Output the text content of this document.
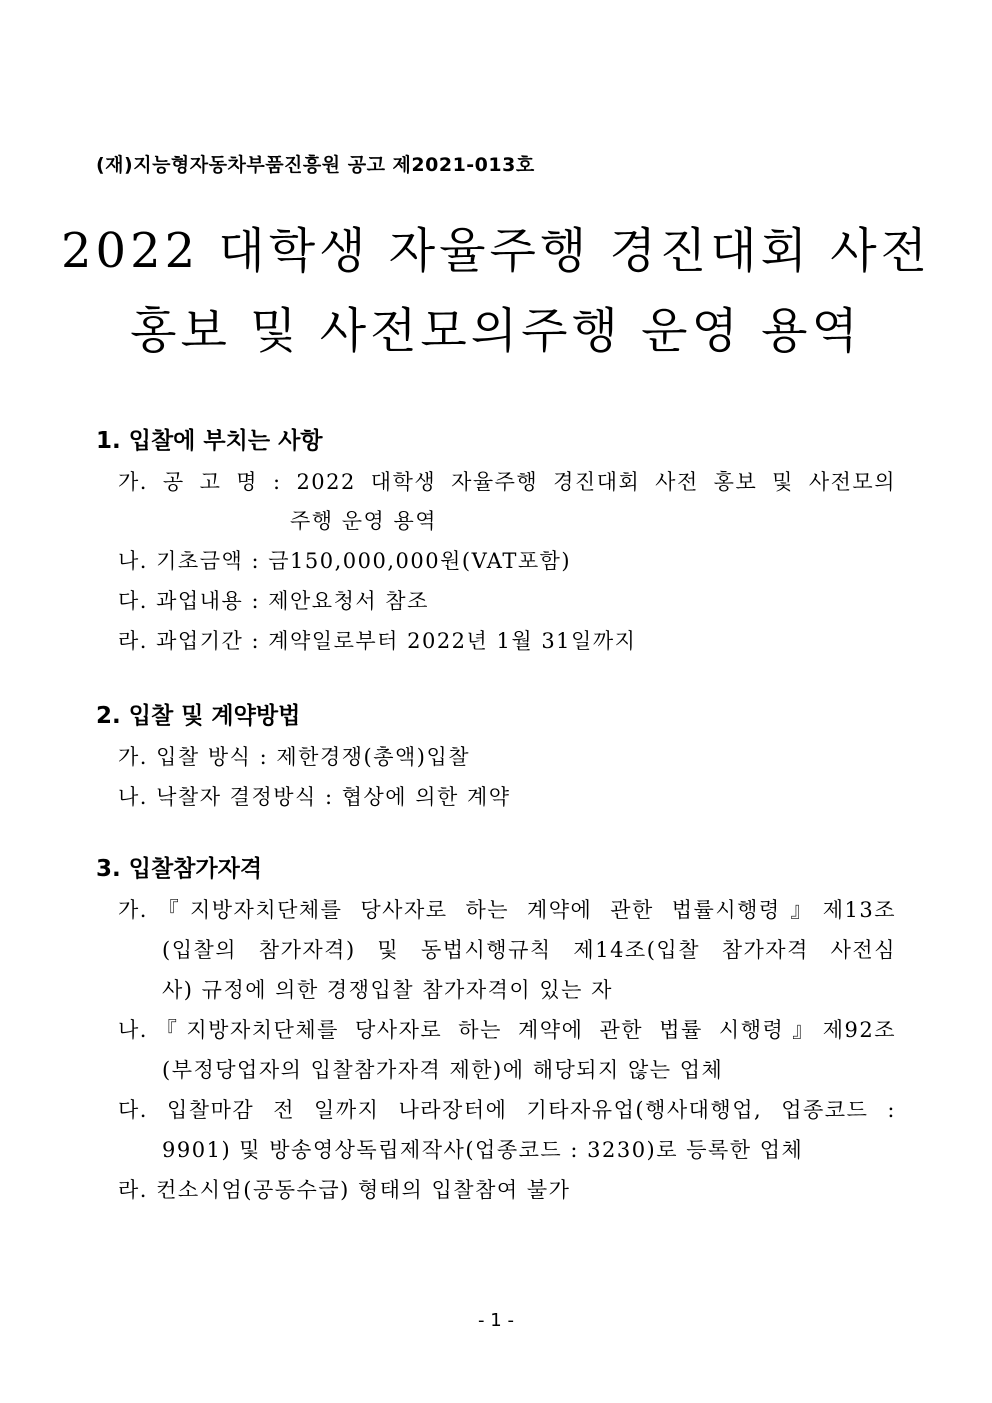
(재)지능형자동차부품진흥원 공고 제2021-013호
2022 대학생 자율주행 경진대회 사전
홍보 및 사전모의주행 운영 용역
1. 입찰에 부치는 사항
가. 공 고 명 : 2022 대학생 자율주행 경진대회 사전 홍보 및 사전모의
주행 운영 용역
나. 기초금액 : 금150,000,000원(VAT포함)
다. 과업내용 : 제안요청서 참조
라. 과업기간 : 계약일로부터 2022년 1월 31일까지
2. 입찰 및 계약방법
가. 입찰 방식 : 제한경쟁(총액)입찰
나. 낙찰자 결정방식 : 협상에 의한 계약
3. 입찰참가자격
가.『지방자치단체를 당사자로 하는 계약에 관한 법률시행령』제13조
(입찰의 참가자격) 및 동법시행규칙 제14조(입찰 참가자격 사전심
사) 규정에 의한 경쟁입찰 참가자격이 있는 자
나.『지방자치단체를 당사자로 하는 계약에 관한 법률 시행령』제92조
(부정당업자의 입찰참가자격 제한)에 해당되지 않는 업체
다. 입찰마감 전 일까지 나라장터에 기타자유업(행사대행업, 업종코드 :
9901) 및 방송영상독립제작사(업종코드 : 3230)로 등록한 업체
라. 컨소시엄(공동수급) 형태의 입찰참여 불가
- 1 -
